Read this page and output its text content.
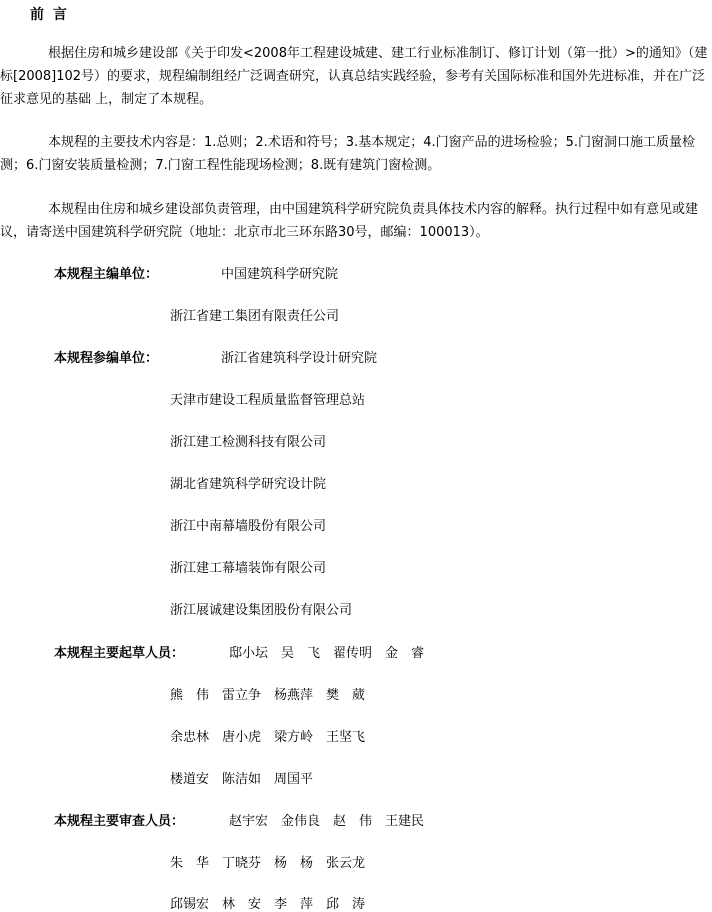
前 言
根据住房和城乡建设部《关于印发<2008年工程建设城建、建工行业标准制订、修订计划（第一批）>的通知》（建标[2008]102号）的要求，规程编制组经广泛调查研究，认真总结实践经验，参考有关国际标准和国外先进标准，并在广泛征求意见的基础 上，制定了本规程。
本规程的主要技术内容是：1.总则；2.术语和符号；3.基本规定；4.门窗产品的进场检验；5.门窗洞口施工质量检测；6.门窗安装质量检测；7.门窗工程性能现场检测；8.既有建筑门窗检测。
本规程由住房和城乡建设部负责管理，由中国建筑科学研究院负责具体技术内容的解释。执行过程中如有意见或建议，请寄送中国建筑科学研究院（地址：北京市北三环东路30号，邮编：100013）。
本规程主编单位：	中国建筑科学研究院
浙江省建工集团有限责任公司
本规程参编单位：	浙江省建筑科学设计研究院
天津市建设工程质量监督管理总站
浙江建工检测科技有限公司
湖北省建筑科学研究设计院
浙江中南幕墙股份有限公司
浙江建工幕墙装饰有限公司
浙江展诚建设集团股份有限公司
本规程主要起草人员：	邸小坛　吴　飞　翟传明　金　睿
熊　伟　雷立争　杨燕萍　樊　葳
余忠林　唐小虎　梁方岭　王坚飞
楼道安　陈洁如　周国平
本规程主要审查人员：	赵宇宏　金伟良　赵　伟　王建民
朱　华　丁晓芬　杨　杨　张云龙
邱锡宏　林　安　李　萍　邱　涛
